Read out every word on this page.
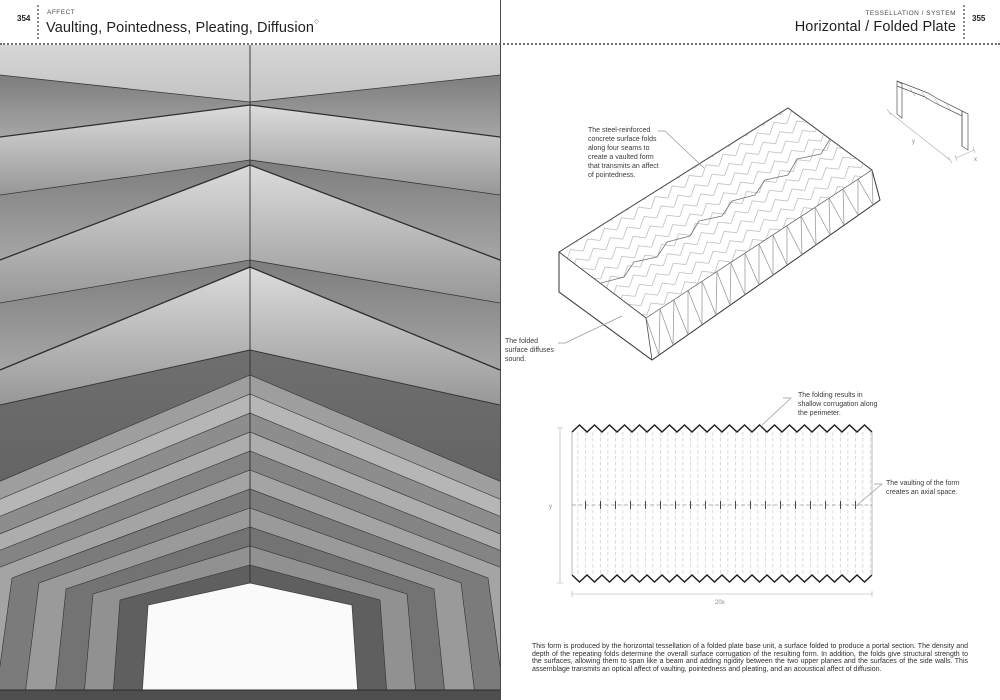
354
AFFECT
Vaulting, Pointedness, Pleating, Diffusion◇
TESSELLATION / SYSTEM
Horizontal / Folded Plate
355
y
x
20x
y
The steel-reinforced concrete surface folds along four seams to create a vaulted form that transmits an affect of pointedness.
The folded surface diffuses sound.
The folding results in shallow corrugation along the perimeter.
The vaulting of the form creates an axial space.
This form is produced by the horizontal tessellation of a folded plate base unit, a surface folded to produce a portal section. The density and depth of the repeating folds determine the overall surface corrugation of the resulting form. In addition, the folds give structural strength to the surfaces, allowing them to span like a beam and adding rigidity between the two upper planes and the surfaces of the side walls. This assemblage transmits an optical affect of vaulting, pointedness and pleating, and an acoustical affect of diffusion.
